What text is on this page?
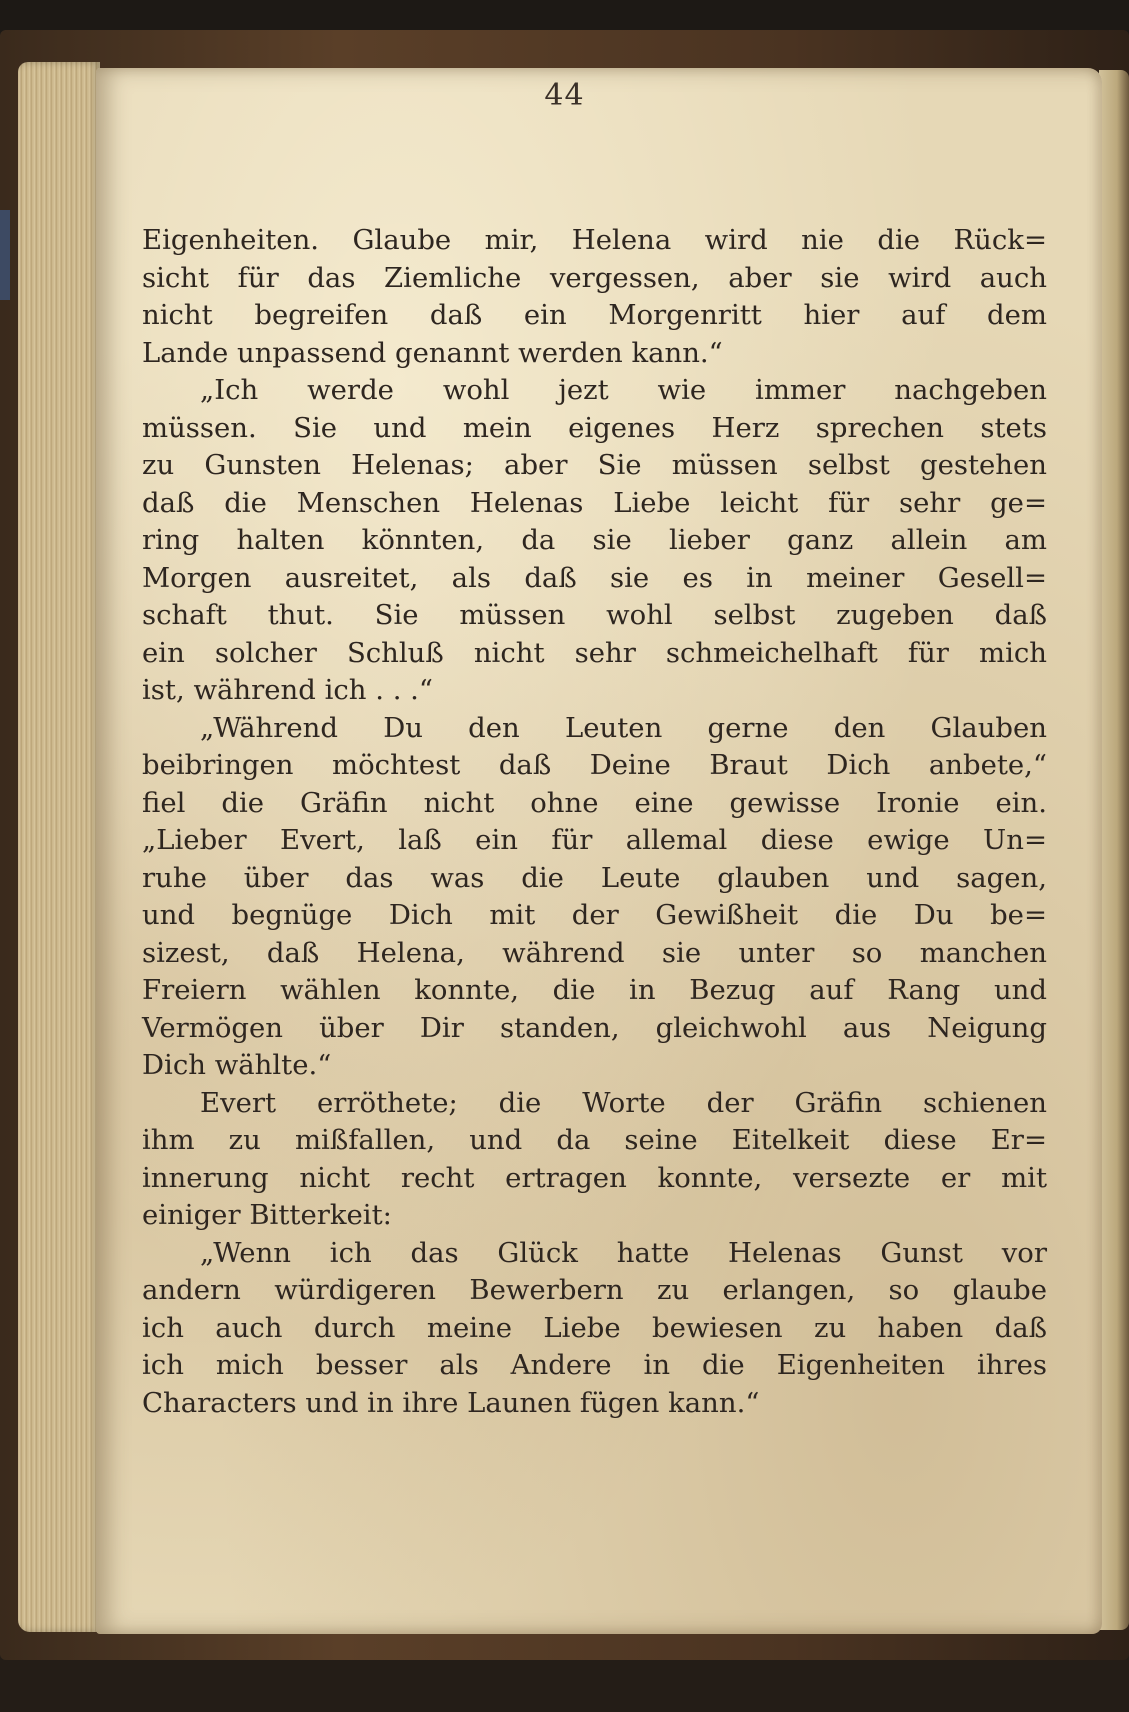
44
Eigenheiten. Glaube mir, Helena wird nie die Rück=
sicht für das Ziemliche vergessen, aber sie wird auch
nicht begreifen daß ein Morgenritt hier auf dem
Lande unpassend genannt werden kann.“
„Ich werde wohl jezt wie immer nachgeben
müssen. Sie und mein eigenes Herz sprechen stets
zu Gunsten Helenas; aber Sie müssen selbst gestehen
daß die Menschen Helenas Liebe leicht für sehr ge=
ring halten könnten, da sie lieber ganz allein am
Morgen ausreitet, als daß sie es in meiner Gesell=
schaft thut. Sie müssen wohl selbst zugeben daß
ein solcher Schluß nicht sehr schmeichelhaft für mich
ist, während ich . . .“
„Während Du den Leuten gerne den Glauben
beibringen möchtest daß Deine Braut Dich anbete,“
fiel die Gräfin nicht ohne eine gewisse Ironie ein.
„Lieber Evert, laß ein für allemal diese ewige Un=
ruhe über das was die Leute glauben und sagen,
und begnüge Dich mit der Gewißheit die Du be=
sizest, daß Helena, während sie unter so manchen
Freiern wählen konnte, die in Bezug auf Rang und
Vermögen über Dir standen, gleichwohl aus Neigung
Dich wählte.“
Evert erröthete; die Worte der Gräfin schienen
ihm zu mißfallen, und da seine Eitelkeit diese Er=
innerung nicht recht ertragen konnte, versezte er mit
einiger Bitterkeit:
„Wenn ich das Glück hatte Helenas Gunst vor
andern würdigeren Bewerbern zu erlangen, so glaube
ich auch durch meine Liebe bewiesen zu haben daß
ich mich besser als Andere in die Eigenheiten ihres
Characters und in ihre Launen fügen kann.“
